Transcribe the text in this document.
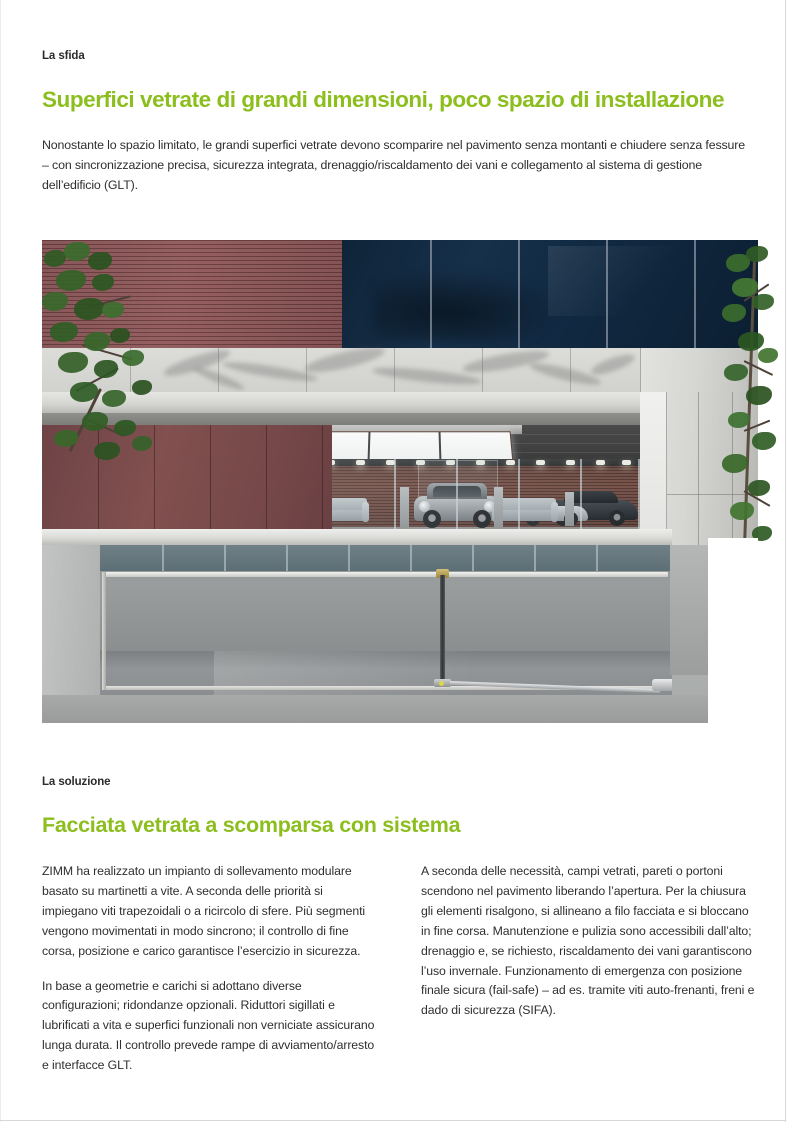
La sfida
Superfici vetrate di grandi dimensioni, poco spazio di installazione

Nonostante lo spazio limitato, le grandi superfici vetrate devono scomparire nel pavimento senza montanti e chiudere senza fessure – con sincronizzazione precisa, sicurezza integrata, drenaggio/riscaldamento dei vani e collegamento al sistema di gestione dell’edificio (GLT).

La soluzione
Facciata vetrata a scomparsa con sistema

ZIMM ha realizzato un impianto di sollevamento modulare basato su martinetti a vite. A seconda delle priorità si impiegano viti trapezoidali o a ricircolo di sfere. Più segmenti vengono movimentati in modo sincrono; il controllo di fine corsa, posizione e carico garantisce l’esercizio in sicurezza.

In base a geometrie e carichi si adottano diverse configurazioni; ridondanze opzionali. Riduttori sigillati e lubrificati a vita e superfici funzionali non verniciate assicurano lunga durata. Il controllo prevede rampe di avviamento/arresto e interfacce GLT.

A seconda delle necessità, campi vetrati, pareti o portoni scendono nel pavimento liberando l’apertura. Per la chiusura gli elementi risalgono, si allineano a filo facciata e si bloccano in fine corsa. Manutenzione e pulizia sono accessibili dall’alto; drenaggio e, se richiesto, riscaldamento dei vani garantiscono l’uso invernale. Funzionamento di emergenza con posizione finale sicura (fail-safe) – ad es. tramite viti auto-frenanti, freni e dado di sicurezza (SIFA).
